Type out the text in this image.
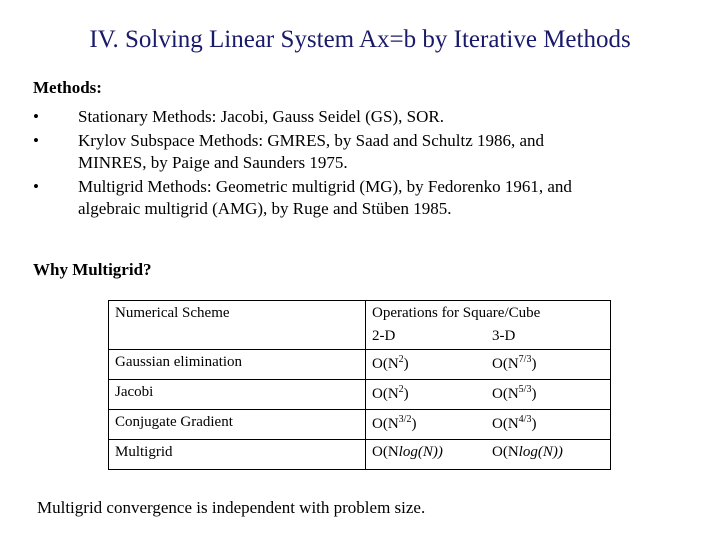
IV. Solving Linear System Ax=b by Iterative Methods
Methods:
•	Stationary Methods: Jacobi, Gauss Seidel (GS), SOR.
•	Krylov Subspace Methods: GMRES, by Saad and Schultz 1986, and
MINRES, by Paige and Saunders 1975.
•	Multigrid Methods: Geometric multigrid (MG), by Fedorenko 1961, and
algebraic multigrid (AMG), by Ruge and Stüben 1985.
Why Multigrid?
Numerical Scheme	Operations for Square/Cube
2-D 3-D

Gaussian elimination	$O(N^2)$ $O(N^{7/3})$
Jacobi	$O(N^2)$ $O(N^{5/3})$
Conjugate Gradient	$O(N^{3/2})$ $O(N^{4/3})$
Multigrid	O(Nlog(N)) O(Nlog(N))
Multigrid convergence is independent with problem size.
